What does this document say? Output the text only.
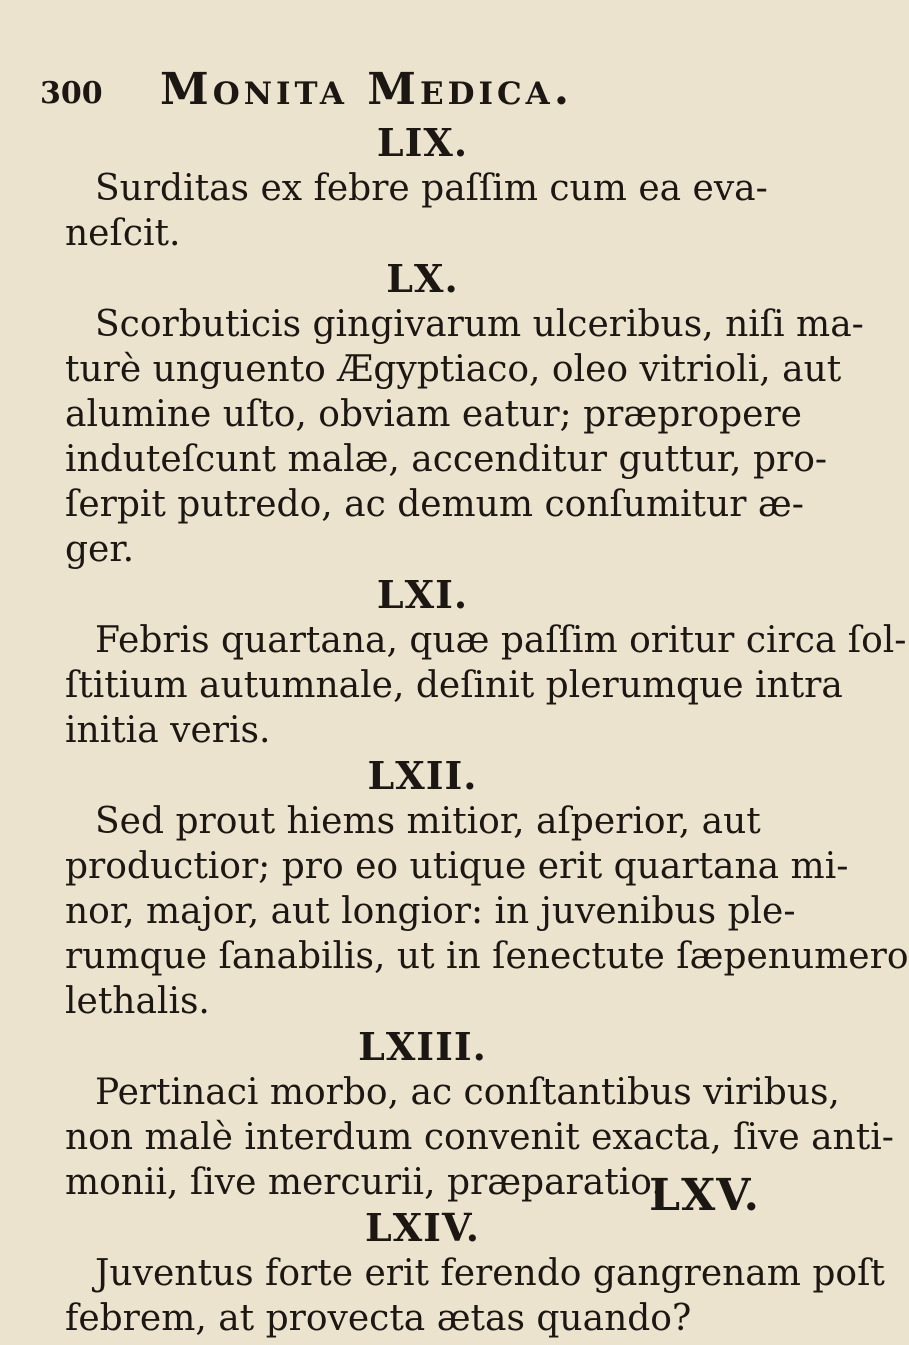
300 Monita Medica.
LIX.

Surditas ex febre paſſim cum ea eva-
neſcit.

LX.

Scorbuticis gingivarum ulceribus, niſi ma-
turè unguento Ægyptiaco, oleo vitrioli, aut
alumine uſto, obviam eatur; præpropere
induteſcunt malæ, accenditur guttur, pro-
ſerpit putredo, ac demum conſumitur æ-
ger.

LXI.

Febris quartana, quæ paſſim oritur circa ſol-
ſtitium autumnale, deſinit plerumque intra
initia veris.

LXII.

Sed prout hiems mitior, aſperior, aut
productior; pro eo utique erit quartana mi-
nor, major, aut longior: in juvenibus ple-
rumque ſanabilis, ut in ſenectute ſæpenumero
lethalis.

LXIII.

Pertinaci morbo, ac conſtantibus viribus,
non malè interdum convenit exacta, ſive anti-
monii, ſive mercurii, præparatio.

LXIV.

Juventus forte erit ferendo gangrenam poſt
febrem, at provecta ætas quando?

LXV.
